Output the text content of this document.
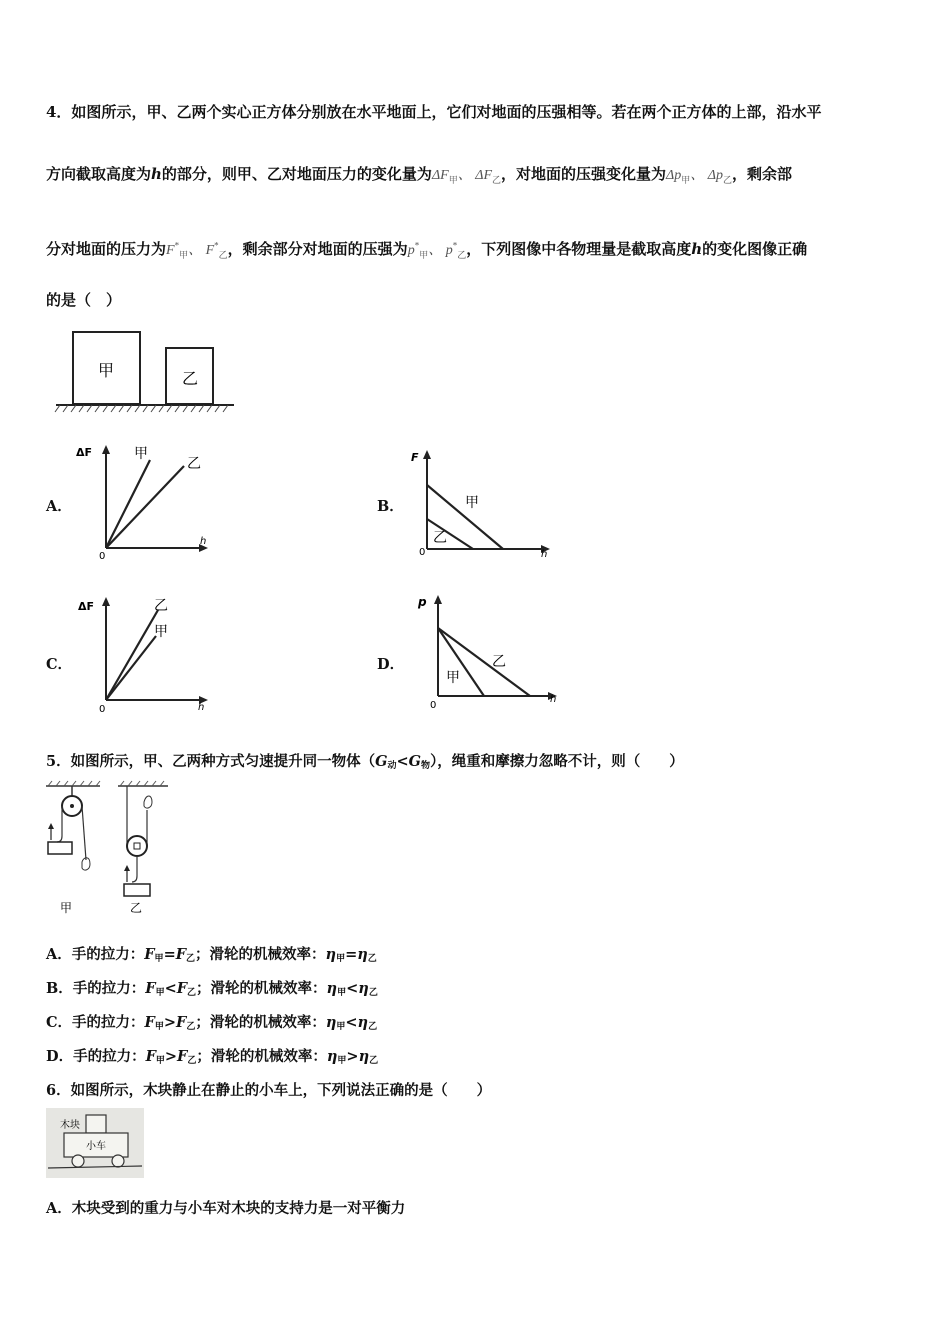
4．如图所示，甲、乙两个实心正方体分别放在水平地面上，它们对地面的压强相等。若在两个正方体的上部，沿水平
方向截取高度为h的部分，则甲、乙对地面压力的变化量为$\Delta F_甲$、 $\Delta F_乙$，对地面的压强变化量为$\Delta p_甲$、 $\Delta p_乙$，剩余部
分对地面的压力为$F^*_甲$、 $F^*_乙$，剩余部分对地面的压强为$p^*_甲$、 $p^*_乙$，下列图像中各物理量是截取高度h的变化图像正确
的是（　）
甲	乙
A．
ΔF
h
0
甲
乙
B．
F
h
0
甲
乙
C．
ΔF
h
0
乙
甲
D．
p
h
0
甲
乙
5．如图所示，甲、乙两种方式匀速提升同一物体$(G_动<G_物)$，绳重和摩擦力忽略不计，则（　　）
甲	乙
A．手的拉力：$F_甲=F_乙$；滑轮的机械效率：$\eta_甲=\eta_乙$
B．手的拉力：$F_甲<F_乙$；滑轮的机械效率：$\eta_甲<\eta_乙$
C．手的拉力：$F_甲>F_乙$；滑轮的机械效率：$\eta_甲<\eta_乙$
D．手的拉力：$F_甲>F_乙$；滑轮的机械效率：$\eta_甲>\eta_乙$
6．如图所示，木块静止在静止的小车上，下列说法正确的是（　　）
木块
小车
A．木块受到的重力与小车对木块的支持力是一对平衡力
